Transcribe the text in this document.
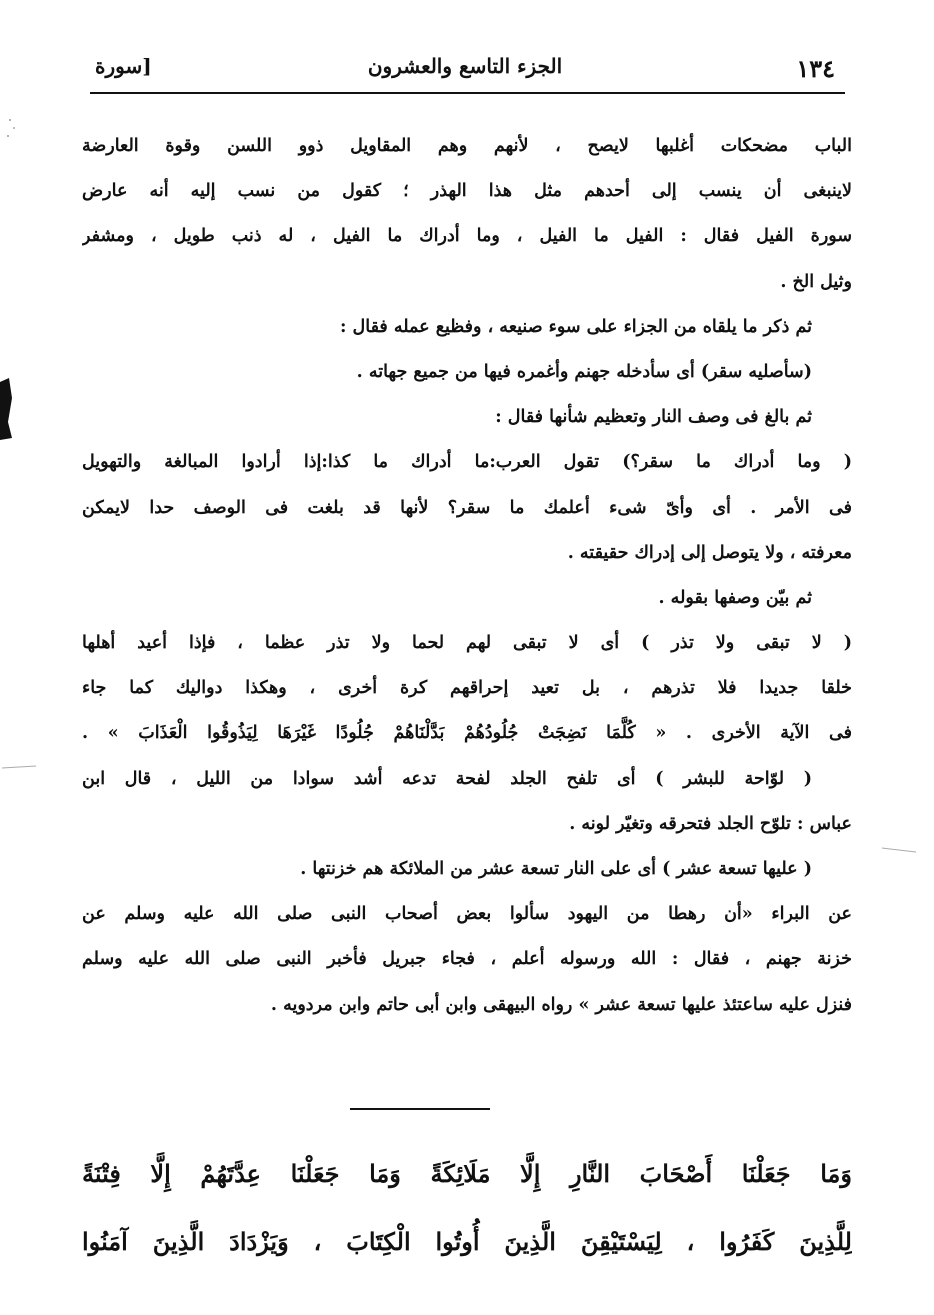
١٣٤
الجزء التاسع والعشرون
[سورة
الباب مضحكات أغلبها لايصح ، لأنهم وهم المقاويل ذوو اللسن وقوة العارضة
لاينبغى أن ينسب إلى أحدهم مثل هذا الهذر ؛ كقول من نسب إليه أنه عارض
سورة الفيل فقال : الفيل ما الفيل ، وما أدراك ما الفيل ، له ذنب طويل ، ومشفر
وثيل الخ .
ثم ذكر ما يلقاه من الجزاء على سوء صنيعه ، وفظيع عمله فقال :
(سأصليه سقر) أى سأدخله جهنم وأغمره فيها من جميع جهاته .
ثم بالغ فى وصف النار وتعظيم شأنها فقال :
( وما أدراك ما سقر؟) تقول العرب:ما أدراك ما كذا:إذا أرادوا المبالغة والتهويل
فى الأمر . أى وأىّ شىء أعلمك ما سقر؟ لأنها قد بلغت فى الوصف حدا لايمكن
معرفته ، ولا يتوصل إلى إدراك حقيقته .
ثم بيّن وصفها بقوله .
( لا تبقى ولا تذر ) أى لا تبقى لهم لحما ولا تذر عظما ، فإذا أعيد أهلها
خلقا جديدا فلا تذرهم ، بل تعيد إحراقهم كرة أخرى ، وهكذا دواليك كما جاء
فى الآية الأخرى . « كُلَّمَا نَضِجَتْ جُلُودُهُمْ بَدَّلْنَاهُمْ جُلُودًا غَيْرَهَا لِيَذُوقُوا الْعَذَابَ » .
( لوّاحة للبشر ) أى تلفح الجلد لفحة تدعه أشد سوادا من الليل ، قال ابن
عباس : تلوّح الجلد فتحرقه وتغيّر لونه .
( عليها تسعة عشر ) أى على النار تسعة عشر من الملائكة هم خزنتها .
عن البراء «أن رهطا من اليهود سألوا بعض أصحاب النبى صلى الله عليه وسلم عن
خزنة جهنم ، فقال : الله ورسوله أعلم ، فجاء جبريل فأخبر النبى صلى الله عليه وسلم
فنزل عليه ساعتئذ عليها تسعة عشر » رواه البيهقى وابن أبى حاتم وابن مردويه .
وَمَا جَعَلْنَا أَصْحَابَ النَّارِ إِلَّا مَلَائِكَةً وَمَا جَعَلْنَا عِدَّتَهُمْ إِلَّا فِتْنَةً
لِلَّذِينَ كَفَرُوا ، لِيَسْتَيْقِنَ الَّذِينَ أُوتُوا الْكِتَابَ ، وَيَزْدَادَ الَّذِينَ آمَنُوا
